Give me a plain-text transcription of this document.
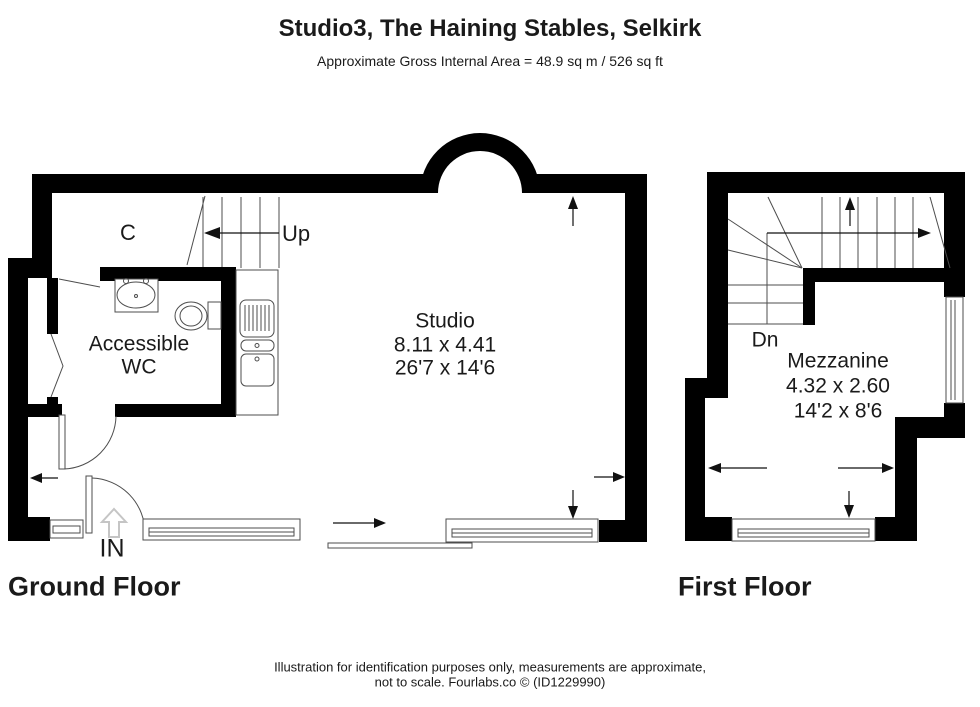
Studio3, The Haining Stables, Selkirk
Approximate Gross Internal Area = 48.9 sq m / 526 sq ft
C	Up
Studio
8.11 x 4.41
26'7 x 14'6
Accessible
WC
IN
Ground Floor
Dn
Mezzanine
4.32 x 2.60
14'2 x 8'6
First Floor
Illustration for identification purposes only, measurements are approximate,
not to scale. Fourlabs.co © (ID1229990)
